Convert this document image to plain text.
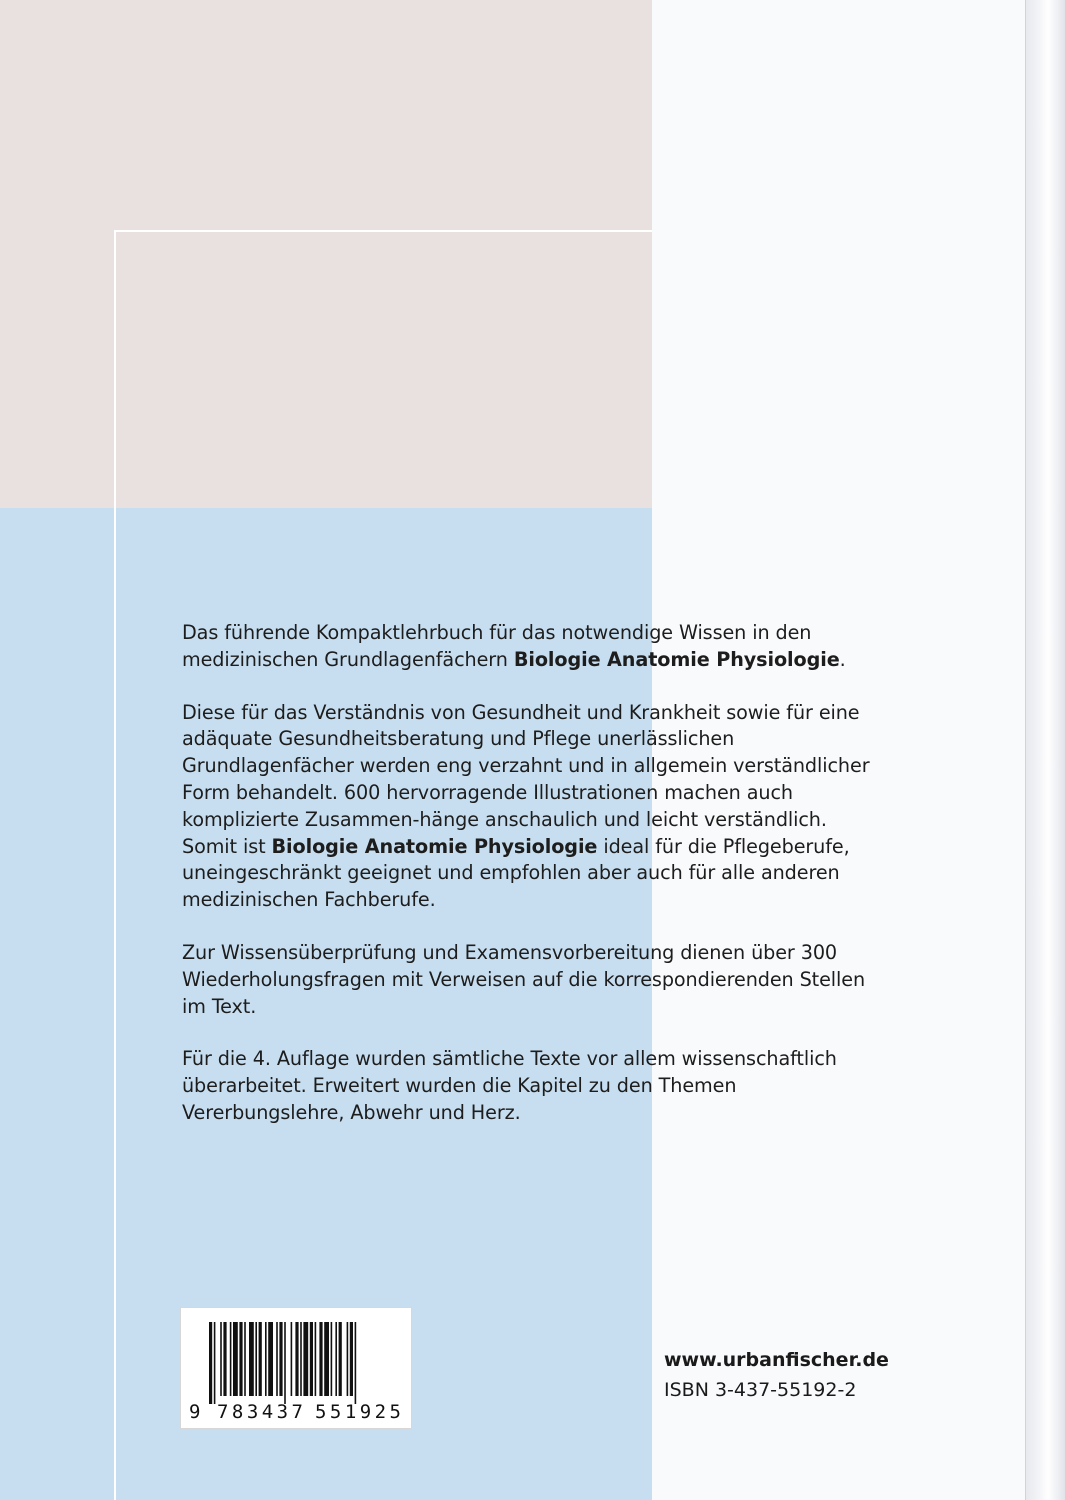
Das führende Kompaktlehrbuch für das notwendige Wissen in den medizinischen Grundlagenfächern Biologie Anatomie Physiologie.

Diese für das Verständnis von Gesundheit und Krankheit sowie für eine adäquate Gesundheitsberatung und Pflege unerlässlichen Grundlagenfächer werden eng verzahnt und in allgemein verständlicher Form behandelt. 600 hervorragende Illustrationen machen auch komplizierte Zusammen-hänge anschaulich und leicht verständlich. Somit ist Biologie Anatomie Physiologie ideal für die Pflegeberufe, uneingeschränkt geeignet und empfohlen aber auch für alle anderen medizinischen Fachberufe.

Zur Wissensüberprüfung und Examensvorbereitung dienen über 300 Wiederholungsfragen mit Verweisen auf die korrespondierenden Stellen im Text.

Für die 4. Auflage wurden sämtliche Texte vor allem wissenschaftlich überarbeitet. Erweitert wurden die Kapitel zu den Themen Vererbungslehre, Abwehr und Herz.

9 783437 551925
www.urbanfischer.de
ISBN 3-437-55192-2
